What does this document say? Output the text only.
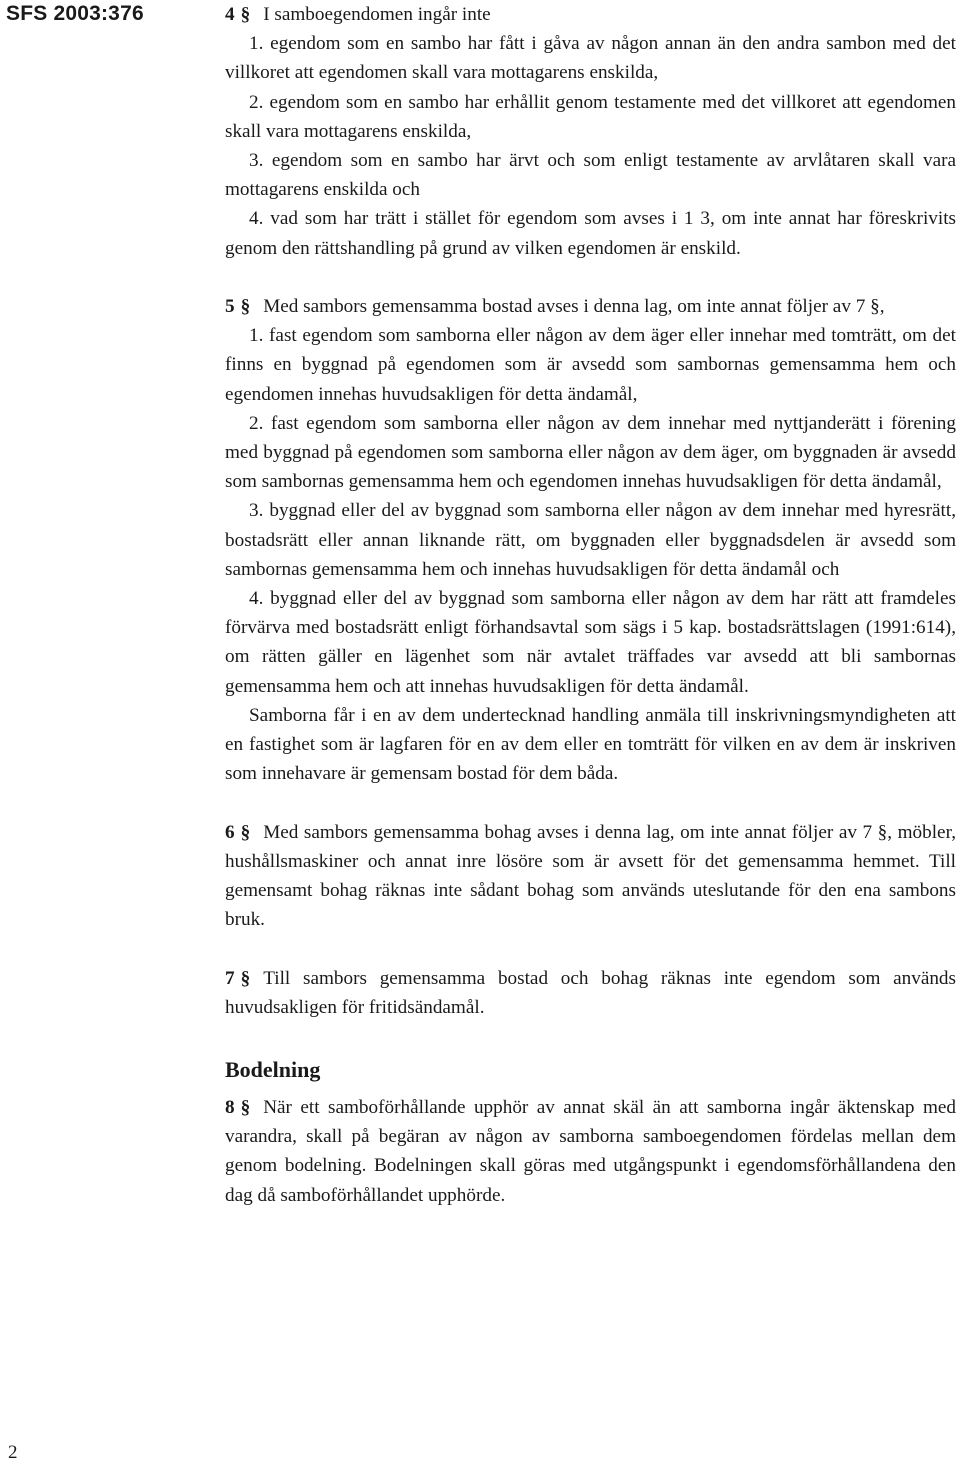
SFS 2003:376	4 § I samboegendomen ingår inte

1. egendom som en sambo har fått i gåva av någon annan än den andra sambon med det villkoret att egendomen skall vara mottagarens enskilda,

2. egendom som en sambo har erhållit genom testamente med det villkoret att egendomen skall vara mottagarens enskilda,

3. egendom som en sambo har ärvt och som enligt testamente av arvlåtaren skall vara mottagarens enskilda och

4. vad som har trätt i stället för egendom som avses i 1 3, om inte annat har föreskrivits genom den rättshandling på grund av vilken egendomen är enskild.

5 § Med sambors gemensamma bostad avses i denna lag, om inte annat följer av 7 §,

1. fast egendom som samborna eller någon av dem äger eller innehar med tomträtt, om det finns en byggnad på egendomen som är avsedd som sambornas gemensamma hem och egendomen innehas huvudsakligen för detta ändamål,

2. fast egendom som samborna eller någon av dem innehar med nyttjanderätt i förening med byggnad på egendomen som samborna eller någon av dem äger, om byggnaden är avsedd som sambornas gemensamma hem och egendomen innehas huvudsakligen för detta ändamål,

3. byggnad eller del av byggnad som samborna eller någon av dem innehar med hyresrätt, bostadsrätt eller annan liknande rätt, om byggnaden eller byggnadsdelen är avsedd som sambornas gemensamma hem och innehas huvudsakligen för detta ändamål och

4. byggnad eller del av byggnad som samborna eller någon av dem har rätt att framdeles förvärva med bostadsrätt enligt förhandsavtal som sägs i 5 kap. bostadsrättslagen (1991:614), om rätten gäller en lägenhet som när avtalet träffades var avsedd att bli sambornas gemensamma hem och att innehas huvudsakligen för detta ändamål.

Samborna får i en av dem undertecknad handling anmäla till inskrivningsmyndigheten att en fastighet som är lagfaren för en av dem eller en tomträtt för vilken en av dem är inskriven som innehavare är gemensam bostad för dem båda.

6 § Med sambors gemensamma bohag avses i denna lag, om inte annat följer av 7 §, möbler, hushållsmaskiner och annat inre lösöre som är avsett för det gemensamma hemmet. Till gemensamt bohag räknas inte sådant bohag som används uteslutande för den ena sambons bruk.

7 § Till sambors gemensamma bostad och bohag räknas inte egendom som används huvudsakligen för fritidsändamål.

Bodelning

8 § När ett samboförhållande upphör av annat skäl än att samborna ingår äktenskap med varandra, skall på begäran av någon av samborna samboegendomen fördelas mellan dem genom bodelning. Bodelningen skall göras med utgångspunkt i egendomsförhållandena den dag då samboförhållandet upphörde.

2
